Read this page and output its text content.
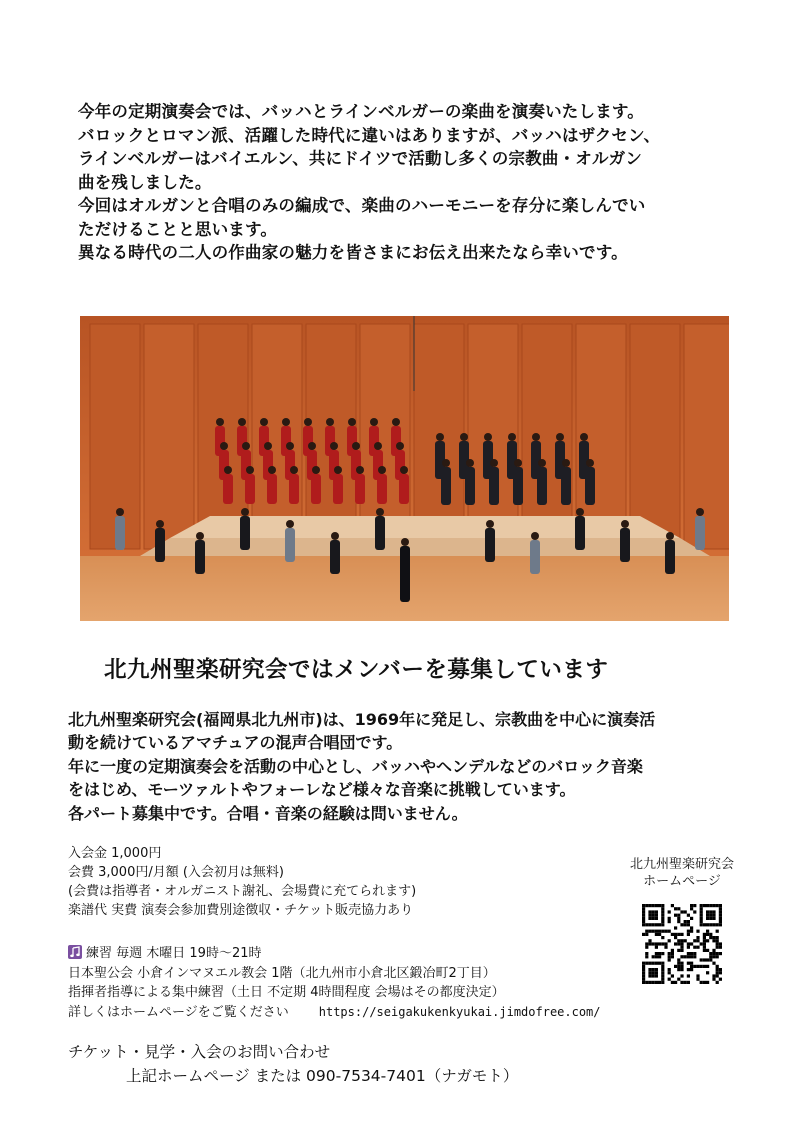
今年の定期演奏会では、バッハとラインベルガーの楽曲を演奏いたします。
バロックとロマン派、活躍した時代に違いはありますが、バッハはザクセン、
ラインベルガーはバイエルン、共にドイツで活動し多くの宗教曲・オルガン
曲を残しました。
今回はオルガンと合唱のみの編成で、楽曲のハーモニーを存分に楽しんでい
ただけることと思います。
異なる時代の二人の作曲家の魅力を皆さまにお伝え出来たなら幸いです。
北九州聖楽研究会ではメンバーを募集しています
北九州聖楽研究会(福岡県北九州市)は、1969年に発足し、宗教曲を中心に演奏活
動を続けているアマチュアの混声合唱団です。
年に一度の定期演奏会を活動の中心とし、バッハやヘンデルなどのバロック音楽
をはじめ、モーツァルトやフォーレなど様々な音楽に挑戦しています。
各パート募集中です。合唱・音楽の経験は問いません。
入会金 1,000円
会費 3,000円/月額 (入会初月は無料)
(会費は指導者・オルガニスト謝礼、会場費に充てられます)
楽譜代 実費 演奏会参加費別途徴収・チケット販売協力あり
北九州聖楽研究会
ホームページ
練習 毎週 木曜日 19時～21時
日本聖公会 小倉インマヌエル教会 1階（北九州市小倉北区鍛冶町2丁目）
指揮者指導による集中練習（土日 不定期 4時間程度 会場はその都度決定）
詳しくはホームページをご覧ください	https://seigakukenkyukai.jimdofree.com/
チケット・見学・入会のお問い合わせ
上記ホームページ または 090-7534-7401（ナガモト）
